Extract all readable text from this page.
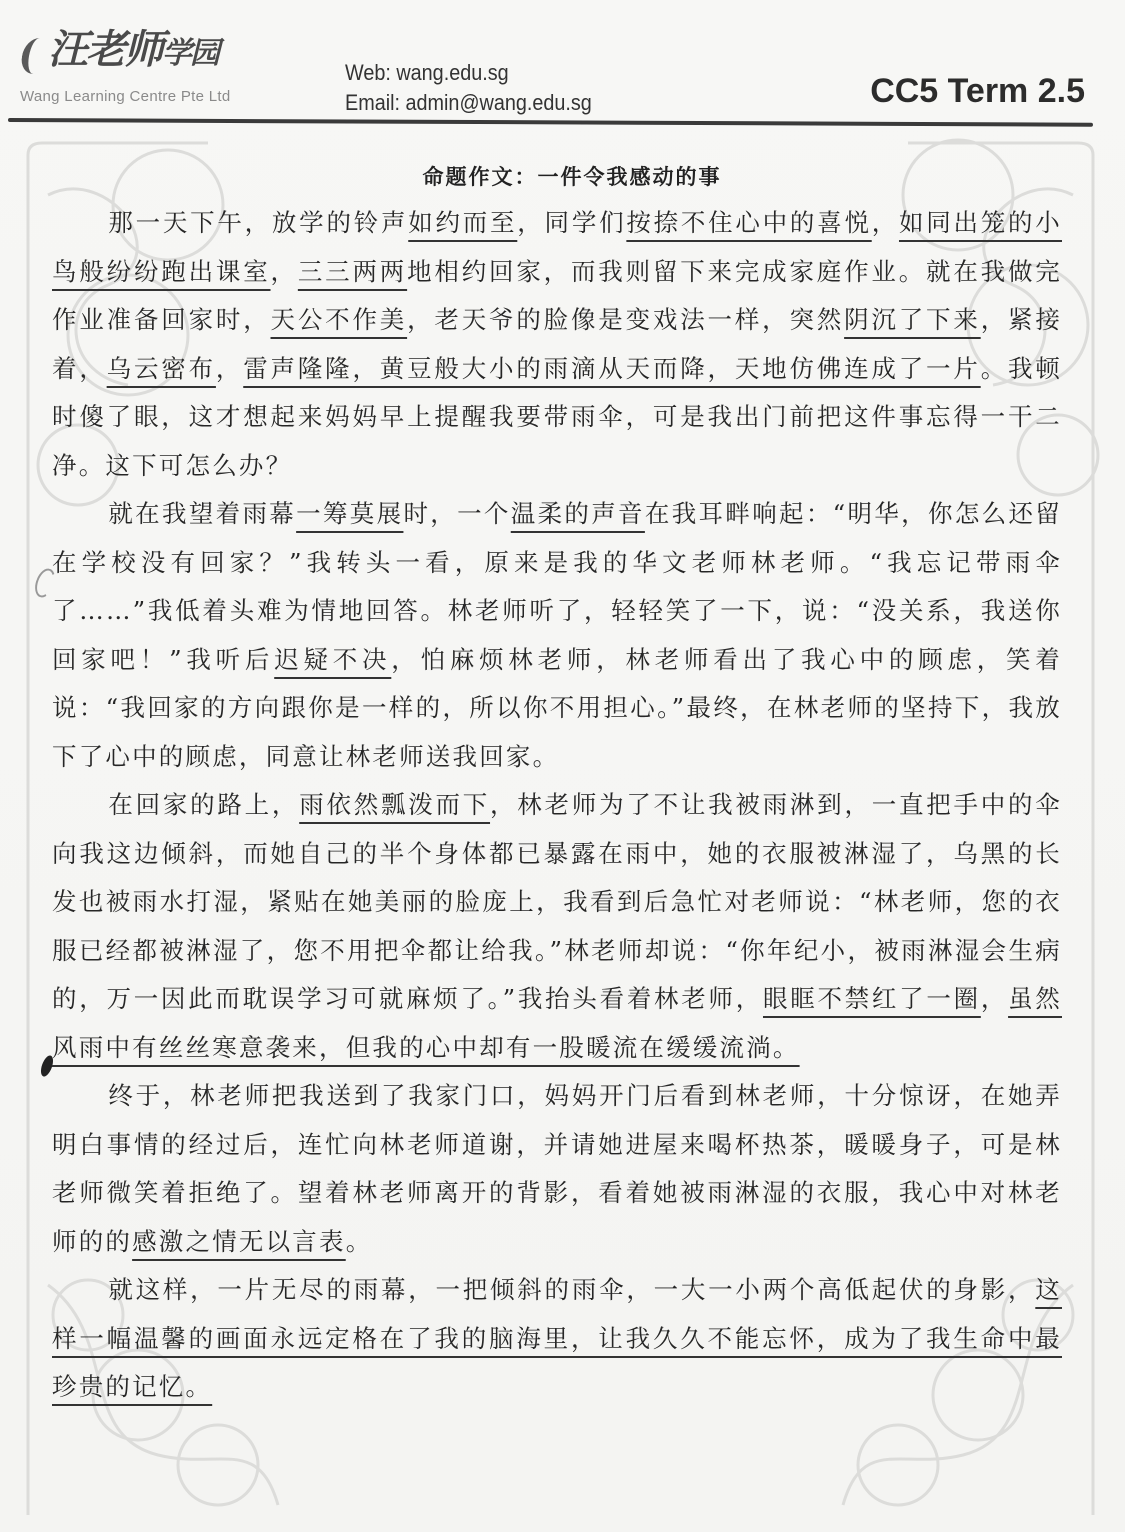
汪老师学园
Wang Learning Centre Pte Ltd
Web: wang.edu.sg
Email: admin@wang.edu.sg	CC5 Term 2.5
命题作文：一件令我感动的事

那一天下午，放学的铃声如约而至，同学们按捺不住心中的喜悦，如同出笼的小鸟般纷纷跑出课室，三三两两地相约回家，而我则留下来完成家庭作业。就在我做完作业准备回家时，天公不作美，老天爷的脸像是变戏法一样，突然阴沉了下来，紧接着，乌云密布，雷声隆隆，黄豆般大小的雨滴从天而降，天地仿佛连成了一片。我顿时傻了眼，这才想起来妈妈早上提醒我要带雨伞，可是我出门前把这件事忘得一干二净。这下可怎么办？

就在我望着雨幕一筹莫展时，一个温柔的声音在我耳畔响起：“明华，你怎么还留在学校没有回家？”我转头一看，原来是我的华文老师林老师。“我忘记带雨伞了……”我低着头难为情地回答。林老师听了，轻轻笑了一下，说：“没关系，我送你回家吧！”我听后迟疑不决，怕麻烦林老师，林老师看出了我心中的顾虑，笑着说：“我回家的方向跟你是一样的，所以你不用担心。”最终，在林老师的坚持下，我放下了心中的顾虑，同意让林老师送我回家。

在回家的路上，雨依然瓢泼而下，林老师为了不让我被雨淋到，一直把手中的伞向我这边倾斜，而她自己的半个身体都已暴露在雨中，她的衣服被淋湿了，乌黑的长发也被雨水打湿，紧贴在她美丽的脸庞上，我看到后急忙对老师说：“林老师，您的衣服已经都被淋湿了，您不用把伞都让给我。”林老师却说：“你年纪小，被雨淋湿会生病的，万一因此而耽误学习可就麻烦了。”我抬头看着林老师，眼眶不禁红了一圈，虽然风雨中有丝丝寒意袭来，但我的心中却有一股暖流在缓缓流淌。

终于，林老师把我送到了我家门口，妈妈开门后看到林老师，十分惊讶，在她弄明白事情的经过后，连忙向林老师道谢，并请她进屋来喝杯热茶，暖暖身子，可是林老师微笑着拒绝了。望着林老师离开的背影，看着她被雨淋湿的衣服，我心中对林老师的的感激之情无以言表。

就这样，一片无尽的雨幕，一把倾斜的雨伞，一大一小两个高低起伏的身影，这样一幅温馨的画面永远定格在了我的脑海里，让我久久不能忘怀，成为了我生命中最珍贵的记忆。
